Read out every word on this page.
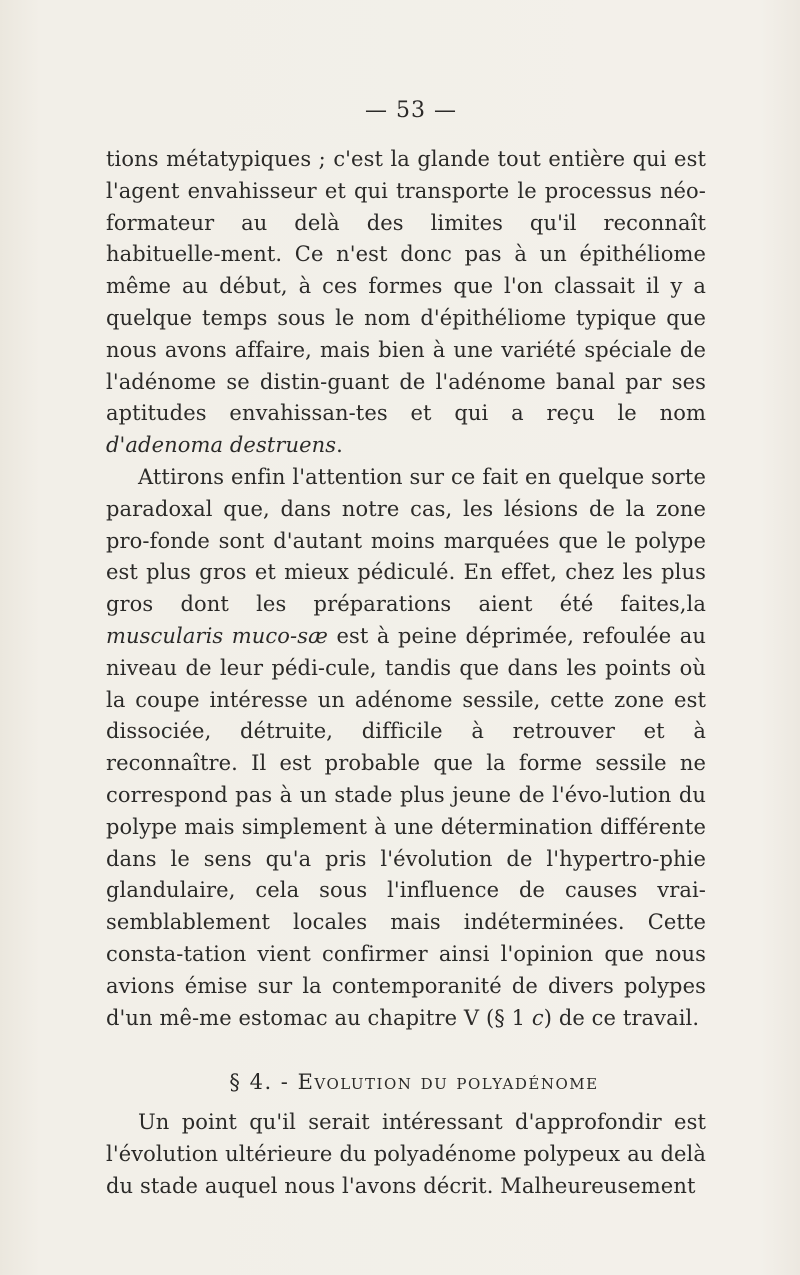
— 53 —

tions métatypiques ; c'est la glande tout entière qui est l'agent envahisseur et qui transporte le processus néo-formateur au delà des limites qu'il reconnaît habituelle-ment. Ce n'est donc pas à un épithéliome même au début, à ces formes que l'on classait il y a quelque temps sous le nom d'épithéliome typique que nous avons affaire, mais bien à une variété spéciale de l'adénome se distin-guant de l'adénome banal par ses aptitudes envahissan-tes et qui a reçu le nom d'adenoma destruens.

Attirons enfin l'attention sur ce fait en quelque sorte paradoxal que, dans notre cas, les lésions de la zone pro-fonde sont d'autant moins marquées que le polype est plus gros et mieux pédiculé. En effet, chez les plus gros dont les préparations aient été faites,la muscularis muco-sæ est à peine déprimée, refoulée au niveau de leur pédi-cule, tandis que dans les points où la coupe intéresse un adénome sessile, cette zone est dissociée, détruite, difficile à retrouver et à reconnaître. Il est probable que la forme sessile ne correspond pas à un stade plus jeune de l'évo-lution du polype mais simplement à une détermination différente dans le sens qu'a pris l'évolution de l'hypertro-phie glandulaire, cela sous l'influence de causes vrai-semblablement locales mais indéterminées. Cette consta-tation vient confirmer ainsi l'opinion que nous avions émise sur la contemporanité de divers polypes d'un mê-me estomac au chapitre V (§ 1 c) de ce travail.

§ 4. - Evolution du polyadénome

Un point qu'il serait intéressant d'approfondir est l'évolution ultérieure du polyadénome polypeux au delà du stade auquel nous l'avons décrit. Malheureusement
